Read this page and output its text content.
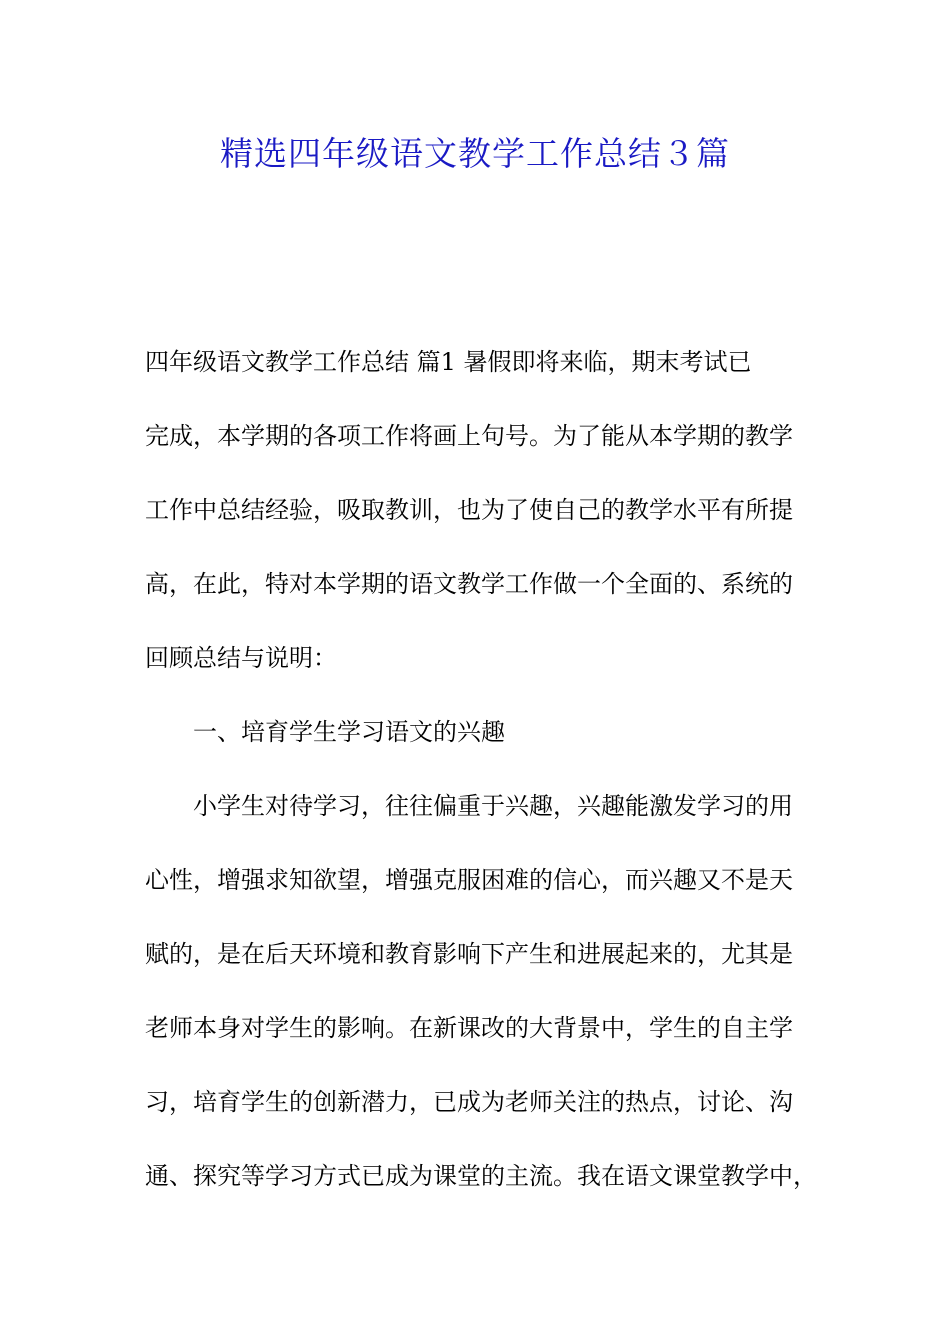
精选四年级语文教学工作总结３篇
四年级语文教学工作总结 篇1 暑假即将来临，期末考试已
完成，本学期的各项工作将画上句号。为了能从本学期的教学
工作中总结经验，吸取教训，也为了使自己的教学水平有所提
高，在此，特对本学期的语文教学工作做一个全面的、系统的
回顾总结与说明：
一、培育学生学习语文的兴趣
小学生对待学习，往往偏重于兴趣，兴趣能激发学习的用
心性，增强求知欲望，增强克服困难的信心，而兴趣又不是天
赋的，是在后天环境和教育影响下产生和进展起来的，尤其是
老师本身对学生的影响。在新课改的大背景中，学生的自主学
习，培育学生的创新潜力，已成为老师关注的热点，讨论、沟
通、探究等学习方式已成为课堂的主流。我在语文课堂教学中，
